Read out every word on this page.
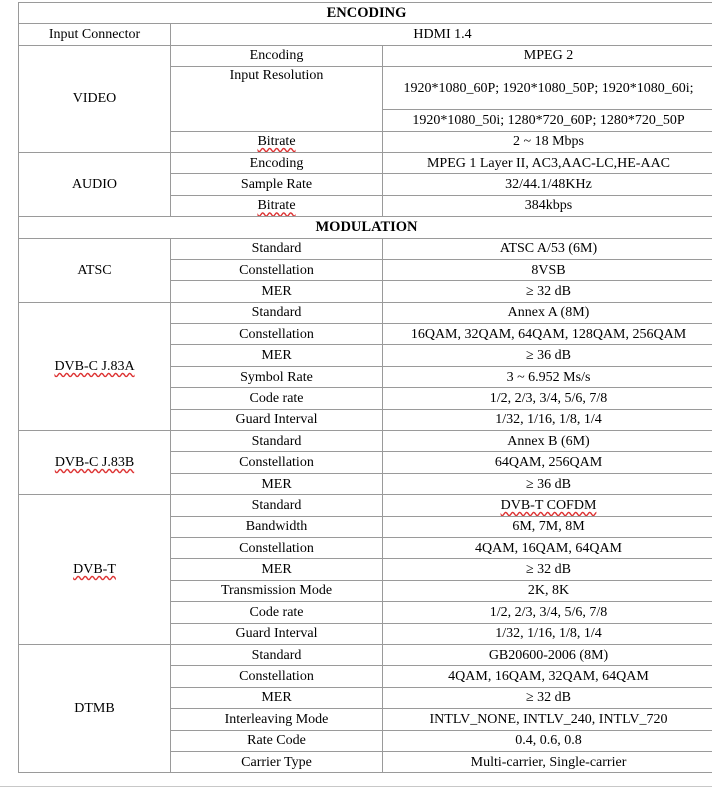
ENCODING		
Input Connector	HDMI 1.4	
VIDEO	Encoding	MPEG 2
	Input Resolution	1920*1080_60P; 1920*1080_50P; 1920*1080_60i;
		1920*1080_50i; 1280*720_60P; 1280*720_50P
	Bitrate	2 ~ 18 Mbps
AUDIO	Encoding	MPEG 1 Layer II, AC3,AAC-LC,HE-AAC
	Sample Rate	32/44.1/48KHz
	Bitrate	384kbps
MODULATION		
ATSC	Standard	ATSC A/53 (6M)
	Constellation	8VSB
	MER	≥ 32 dB
DVB-C J.83A	Standard	Annex A (8M)
	Constellation	16QAM, 32QAM, 64QAM, 128QAM, 256QAM
	MER	≥ 36 dB
	Symbol Rate	3 ~ 6.952 Ms/s
	Code rate	1/2, 2/3, 3/4, 5/6, 7/8
	Guard Interval	1/32, 1/16, 1/8, 1/4
DVB-C J.83B	Standard	Annex B (6M)
	Constellation	64QAM, 256QAM
	MER	≥ 36 dB
DVB-T	Standard	DVB-T COFDM
	Bandwidth	6M, 7M, 8M
	Constellation	4QAM, 16QAM, 64QAM
	MER	≥ 32 dB
	Transmission Mode	2K, 8K
	Code rate	1/2, 2/3, 3/4, 5/6, 7/8
	Guard Interval	1/32, 1/16, 1/8, 1/4
DTMB	Standard	GB20600-2006 (8M)
	Constellation	4QAM, 16QAM, 32QAM, 64QAM
	MER	≥ 32 dB
	Interleaving Mode	INTLV_NONE, INTLV_240, INTLV_720
	Rate Code	0.4, 0.6, 0.8
	Carrier Type	Multi-carrier, Single-carrier
